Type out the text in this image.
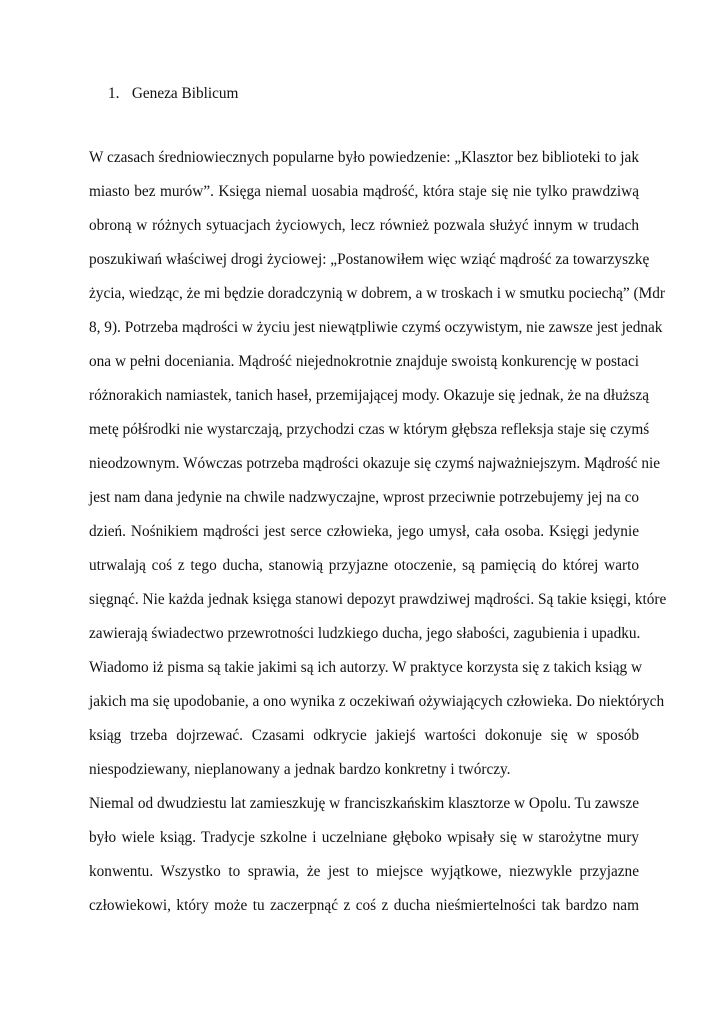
1. Geneza Biblicum
W czasach średniowiecznych popularne było powiedzenie: „Klasztor bez biblioteki to jak
miasto bez murów”. Księga niemal uosabia mądrość, która staje się nie tylko prawdziwą
obroną w różnych sytuacjach życiowych, lecz również pozwala służyć innym w trudach
poszukiwań właściwej drogi życiowej: „Postanowiłem więc wziąć mądrość za towarzyszkę
życia, wiedząc, że mi będzie doradczynią w dobrem, a w troskach i w smutku pociechą” (Mdr
8, 9). Potrzeba mądrości w życiu jest niewątpliwie czymś oczywistym, nie zawsze jest jednak
ona w pełni doceniania. Mądrość niejednokrotnie znajduje swoistą konkurencję w postaci
różnorakich namiastek, tanich haseł, przemijającej mody. Okazuje się jednak, że na dłuższą
metę półśrodki nie wystarczają, przychodzi czas w którym głębsza refleksja staje się czymś
nieodzownym. Wówczas potrzeba mądrości okazuje się czymś najważniejszym. Mądrość nie
jest nam dana jedynie na chwile nadzwyczajne, wprost przeciwnie potrzebujemy jej na co
dzień. Nośnikiem mądrości jest serce człowieka, jego umysł, cała osoba. Księgi jedynie
utrwalają coś z tego ducha, stanowią przyjazne otoczenie, są pamięcią do której warto
sięgnąć. Nie każda jednak księga stanowi depozyt prawdziwej mądrości. Są takie księgi, które
zawierają świadectwo przewrotności ludzkiego ducha, jego słabości, zagubienia i upadku.
Wiadomo iż pisma są takie jakimi są ich autorzy. W praktyce korzysta się z takich ksiąg w
jakich ma się upodobanie, a ono wynika z oczekiwań ożywiających człowieka. Do niektórych
ksiąg trzeba dojrzewać. Czasami odkrycie jakiejś wartości dokonuje się w sposób
niespodziewany, nieplanowany a jednak bardzo konkretny i twórczy.
Niemal od dwudziestu lat zamieszkuję w franciszkańskim klasztorze w Opolu. Tu zawsze
było wiele ksiąg. Tradycje szkolne i uczelniane głęboko wpisały się w starożytne mury
konwentu. Wszystko to sprawia, że jest to miejsce wyjątkowe, niezwykle przyjazne
człowiekowi, który może tu zaczerpnąć z coś z ducha nieśmiertelności tak bardzo nam
